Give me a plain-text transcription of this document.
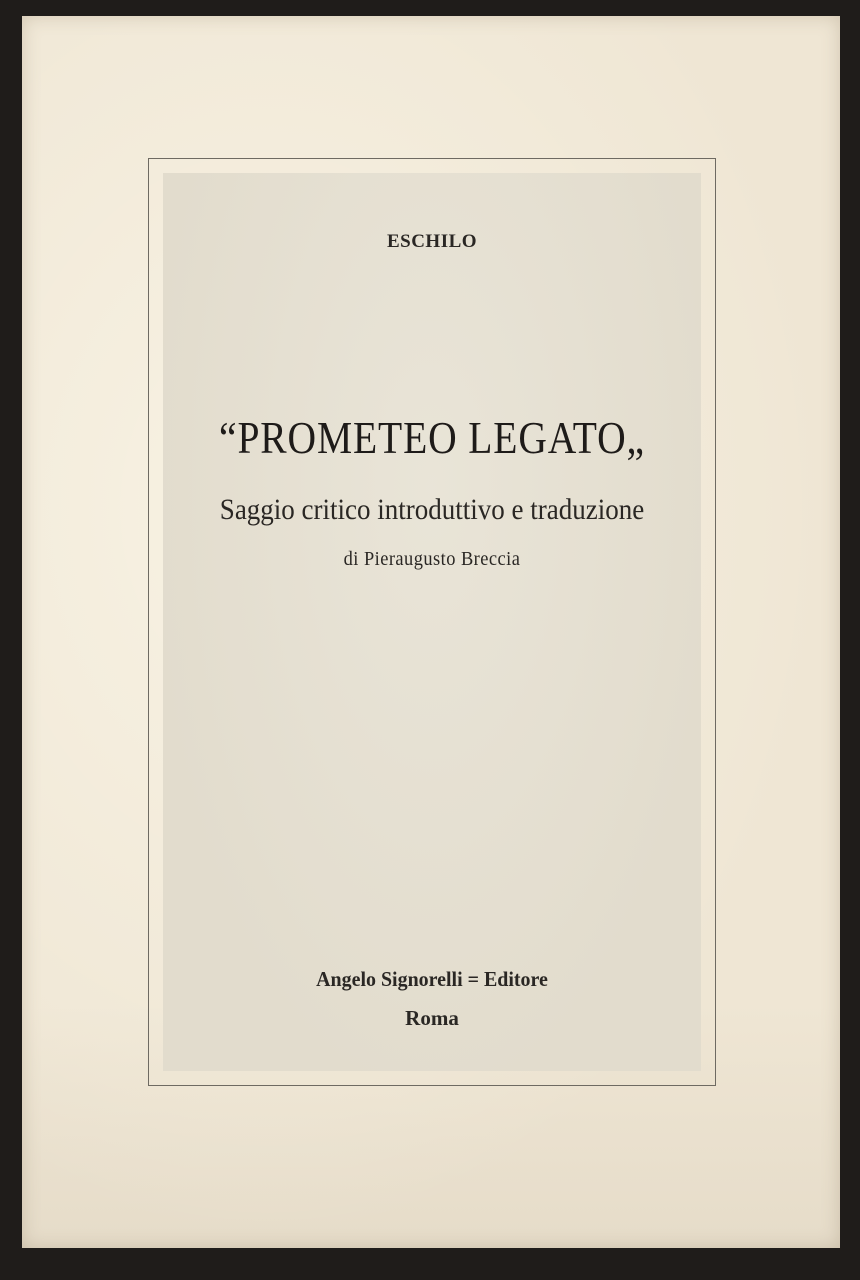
ESCHILO
“PROMETEO LEGATO„
Saggio critico introduttivo e traduzione
di Pieraugusto Breccia
Angelo Signorelli = Editore
Roma
